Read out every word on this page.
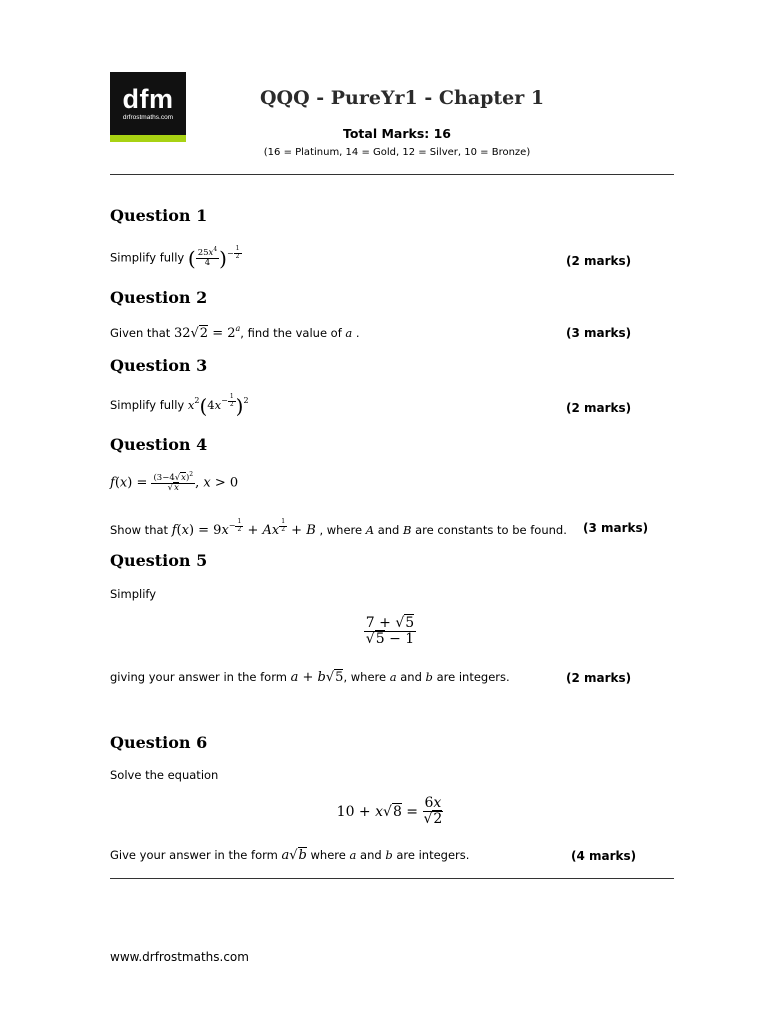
dfm
drfrostmaths.com
QQQ - PureYr1 - Chapter 1
Total Marks: 16
(16 = Platinum, 14 = Gold, 12 = Silver, 10 = Bronze)
Question 1
Simplify fully ( $\frac{25x^4}{4} )^{- \frac{1}{2}}$
(2 marks)
Question 2
Given that $32√2 = 2^a$, find the value of a .	(3 marks)
Question 3
Simplify fully $x^2(4x^{- \frac{1}{2}}$ )$^2$
(2 marks)
Question 4
$f(x) = \frac{(3-4√x)^2}{√x}$ , x > 0
Show that $f(x) = 9x^{- \frac{1}{2}} + Ax$ $^{\frac{1}{2}}$ + B , where A and B are constants to be found. (3 marks)
Question 5
Simplify
$\frac{7 + √5}{√5 - 1}$
giving your answer in the form a + b√5, where a and b are integers.	(2 marks)
Question 6
Solve the equation
$10 + x√8 = \frac{6x}{√2}$
Give your answer in the form a√b where a and b are integers.	(4 marks)
www.drfrostmaths.com
